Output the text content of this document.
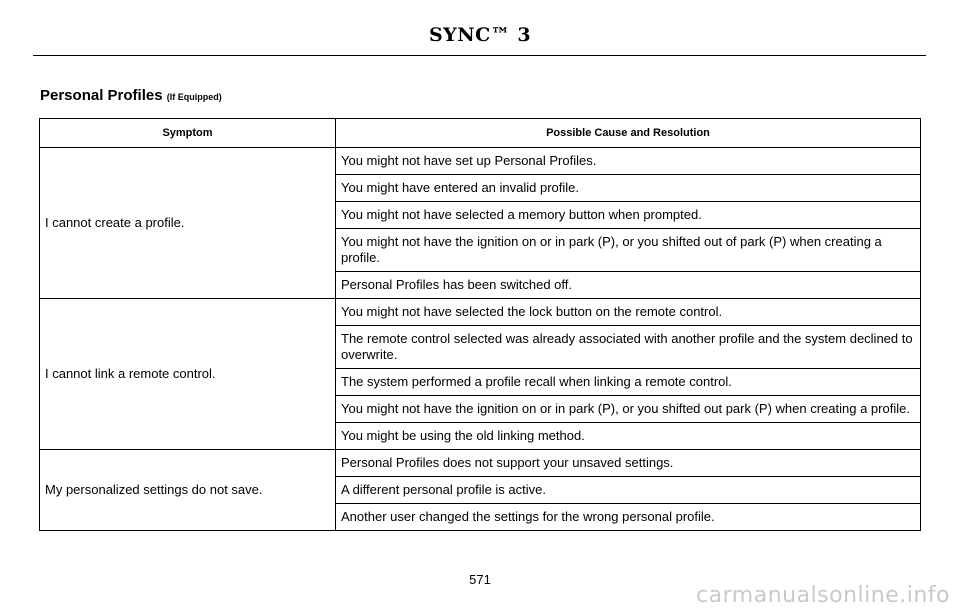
SYNC™ 3
Personal Profiles (If Equipped)
Symptom	Possible Cause and Resolution
I cannot create a profile.	You might not have set up Personal Profiles.
	You might have entered an invalid profile.
	You might not have selected a memory button when prompted.
	You might not have the ignition on or in park (P), or you shifted out of park (P) when creating a profile.
	Personal Profiles has been switched off.
I cannot link a remote control.	You might not have selected the lock button on the remote control.
	The remote control selected was already associated with another profile and the system declined to overwrite.
	The system performed a profile recall when linking a remote control.
	You might not have the ignition on or in park (P), or you shifted out park (P) when creating a profile.
	You might be using the old linking method.
My personalized settings do not save.	Personal Profiles does not support your unsaved settings.
	A different personal profile is active.
	Another user changed the settings for the wrong personal profile.
571
carmanualsonline.info
